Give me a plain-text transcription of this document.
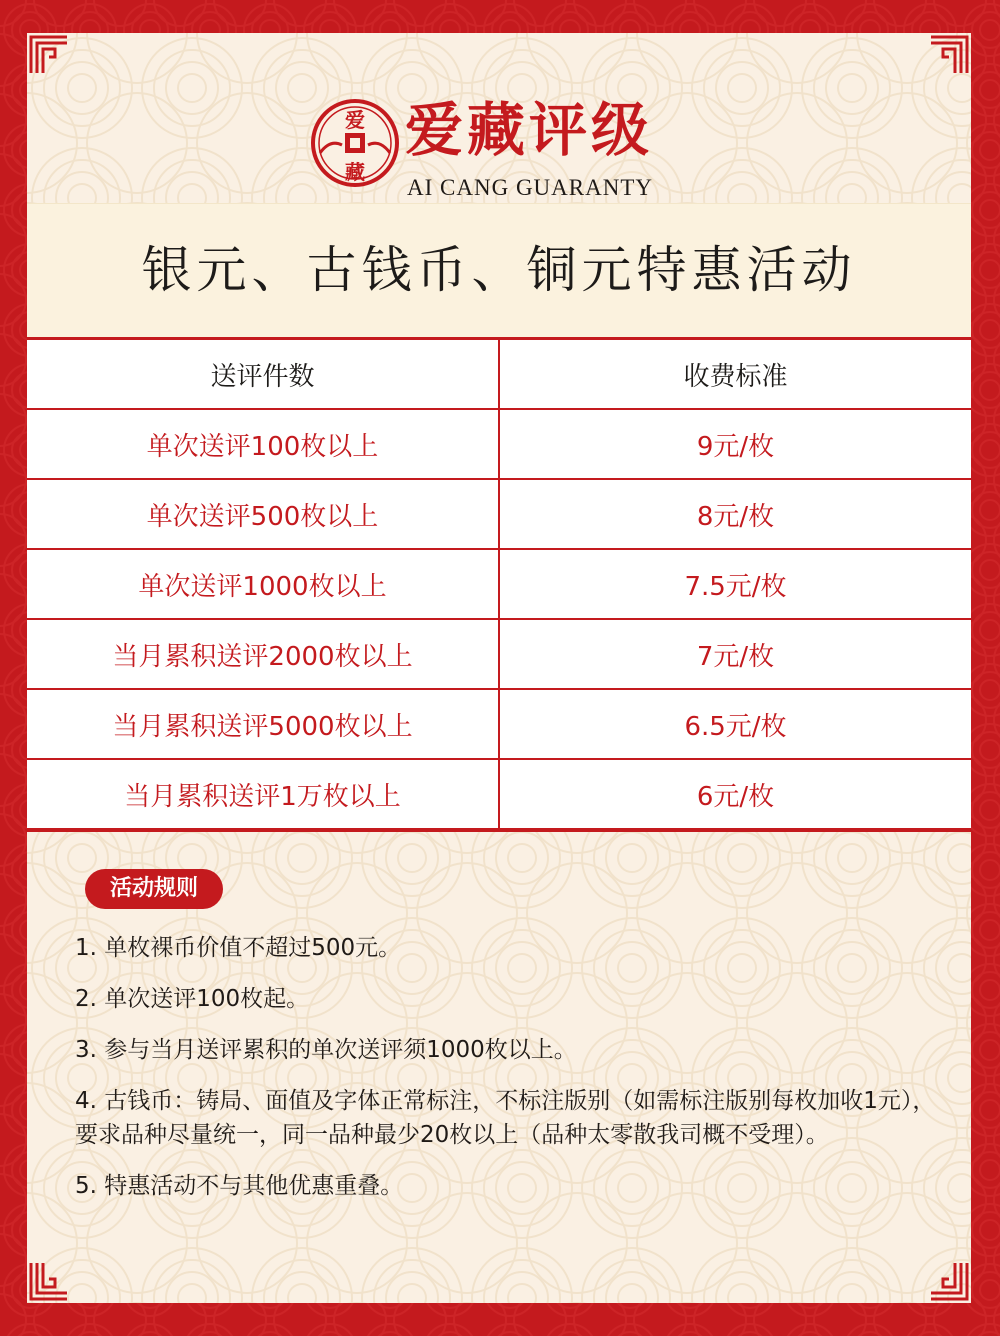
爱
藏
爱藏评级
AI CANG GUARANTY
银元、古钱币、铜元特惠活动
送评件数	收费标准
单次送评100枚以上	9元/枚
单次送评500枚以上	8元/枚
单次送评1000枚以上	7.5元/枚
当月累积送评2000枚以上	7元/枚
当月累积送评5000枚以上	6.5元/枚
当月累积送评1万枚以上	6元/枚
活动规则

1. 单枚裸币价值不超过500元。

2. 单次送评100枚起。

3. 参与当月送评累积的单次送评须1000枚以上。

4. 古钱币：铸局、面值及字体正常标注，不标注版别（如需标注版别每枚加收1元），要求品种尽量统一，同一品种最少20枚以上（品种太零散我司概不受理）。

5. 特惠活动不与其他优惠重叠。
